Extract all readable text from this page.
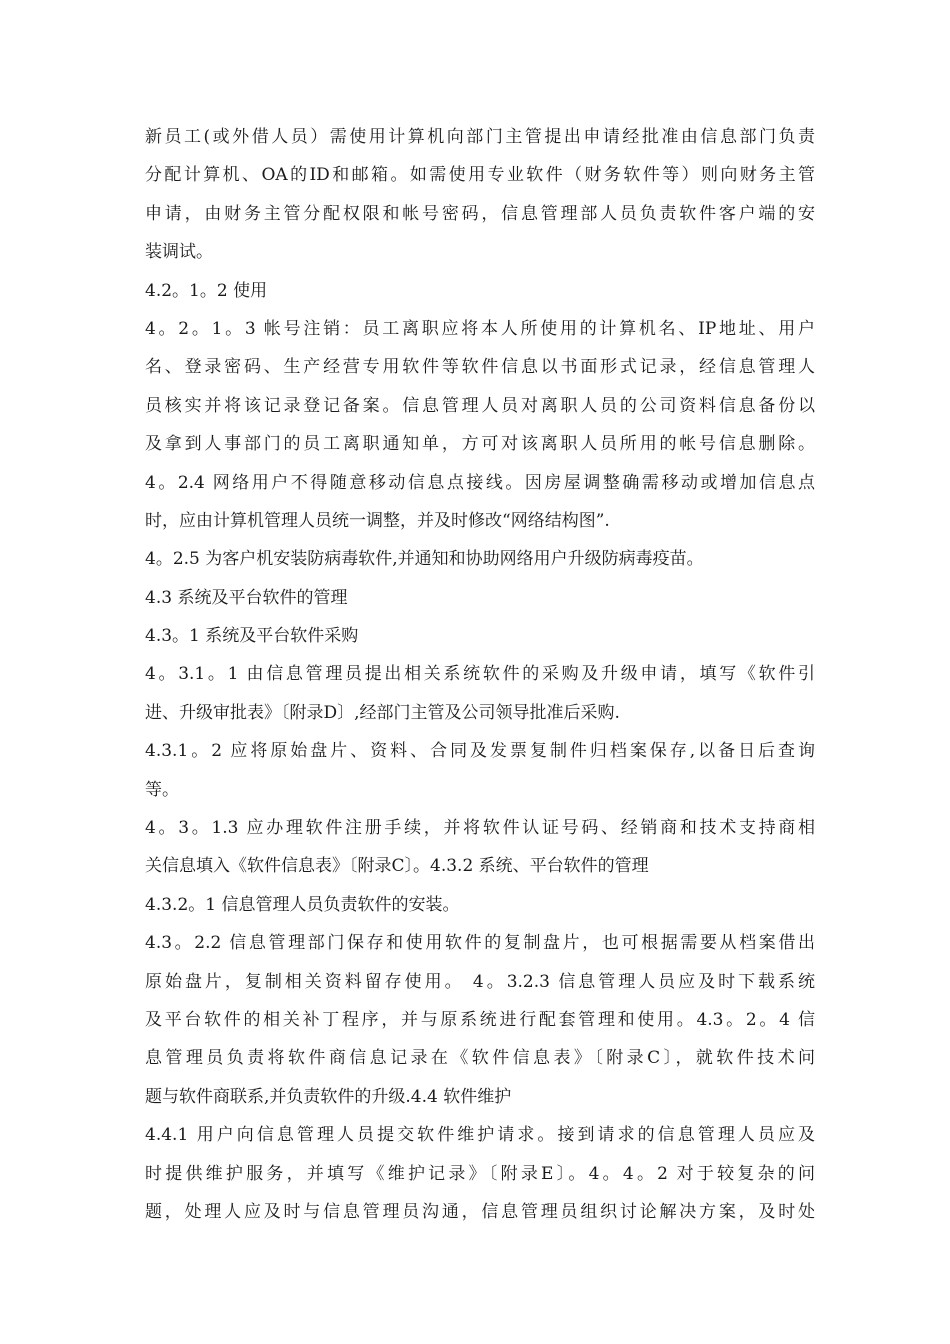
新员工(或外借人员）需使用计算机向部门主管提出申请经批准由信息部门负责
分配计算机、OA的ID和邮箱。如需使用专业软件（财务软件等）则向财务主管
申请，由财务主管分配权限和帐号密码，信息管理部人员负责软件客户端的安
装调试。
4.2。1。2 使用
4。2。1。3 帐号注销：员工离职应将本人所使用的计算机名、IP地址、用户
名、登录密码、生产经营专用软件等软件信息以书面形式记录，经信息管理人
员核实并将该记录登记备案。信息管理人员对离职人员的公司资料信息备份以
及拿到人事部门的员工离职通知单，方可对该离职人员所用的帐号信息删除。
4。2.4 网络用户不得随意移动信息点接线。因房屋调整确需移动或增加信息点
时，应由计算机管理人员统一调整，并及时修改“网络结构图”.
4。2.5 为客户机安装防病毒软件,并通知和协助网络用户升级防病毒疫苗。
4.3 系统及平台软件的管理
4.3。1 系统及平台软件采购
4。3.1。1 由信息管理员提出相关系统软件的采购及升级申请，填写《软件引
进、升级审批表》〔附录D〕,经部门主管及公司领导批准后采购.
4.3.1。2 应将原始盘片、资料、合同及发票复制件归档案保存,以备日后查询
等。
4。3。1.3 应办理软件注册手续，并将软件认证号码、经销商和技术支持商相
关信息填入《软件信息表》〔附录C〕。4.3.2 系统、平台软件的管理
4.3.2。1 信息管理人员负责软件的安装。
4.3。2.2 信息管理部门保存和使用软件的复制盘片，也可根据需要从档案借出
原始盘片，复制相关资料留存使用。 4。3.2.3 信息管理人员应及时下载系统
及平台软件的相关补丁程序，并与原系统进行配套管理和使用。4.3。2。4 信
息管理员负责将软件商信息记录在《软件信息表》〔附录C〕，就软件技术问
题与软件商联系,并负责软件的升级.4.4 软件维护
4.4.1 用户向信息管理人员提交软件维护请求。接到请求的信息管理人员应及
时提供维护服务，并填写《维护记录》〔附录E〕。4。4。2 对于较复杂的问
题，处理人应及时与信息管理员沟通，信息管理员组织讨论解决方案，及时处
